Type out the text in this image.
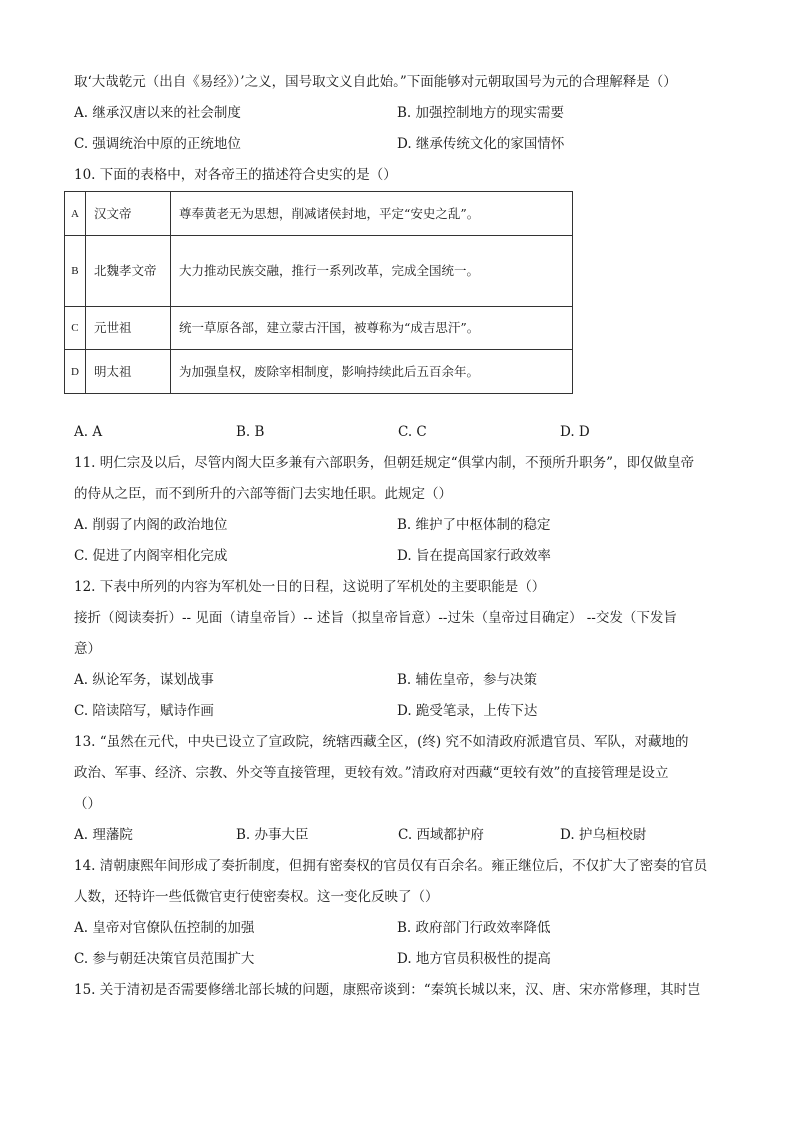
取‘大哉乾元（出自《易经》）’之义，国号取文义自此始。”下面能够对元朝取国号为元的合理解释是（）
A. 继承汉唐以来的社会制度	B. 加强控制地方的现实需要
C. 强调统治中原的正统地位	D. 继承传统文化的家国情怀
10. 下面的表格中，对各帝王的描述符合史实的是（）
A	汉文帝	尊奉黄老无为思想，削减诸侯封地，平定“安史之乱”。
B	北魏孝文帝	大力推动民族交融，推行一系列改革，完成全国统一。
C	元世祖	统一草原各部，建立蒙古汗国，被尊称为“成吉思汗”。
D	明太祖	为加强皇权，废除宰相制度，影响持续此后五百余年。
A. A	B. B	C. C	D. D
11. 明仁宗及以后，尽管内阁大臣多兼有六部职务，但朝廷规定“俱掌内制，不预所升职务”，即仅做皇帝
的侍从之臣，而不到所升的六部等衙门去实地任职。此规定（）
A. 削弱了内阁的政治地位	B. 维护了中枢体制的稳定
C. 促进了内阁宰相化完成	D. 旨在提高国家行政效率
12. 下表中所列的内容为军机处一日的日程，这说明了军机处的主要职能是（）
接折（阅读奏折）-- 见面（请皇帝旨）-- 述旨（拟皇帝旨意）--过朱（皇帝过目确定） --交发（下发旨
意）
A. 纵论军务，谋划战事	B. 辅佐皇帝，参与决策
C. 陪读陪写，赋诗作画	D. 跪受笔录，上传下达
13. “虽然在元代，中央已设立了宣政院，统辖西藏全区，(终) 究不如清政府派遣官员、军队，对藏地的
政治、军事、经济、宗教、外交等直接管理，更较有效。”清政府对西藏“更较有效”的直接管理是设立
（）
A. 理藩院	B. 办事大臣	C. 西域都护府	D. 护乌桓校尉
14. 清朝康熙年间形成了奏折制度，但拥有密奏权的官员仅有百余名。雍正继位后，不仅扩大了密奏的官员
人数，还特许一些低微官吏行使密奏权。这一变化反映了（）
A. 皇帝对官僚队伍控制的加强	B. 政府部门行政效率降低
C. 参与朝廷决策官员范围扩大	D. 地方官员积极性的提高
15. 关于清初是否需要修缮北部长城的问题，康熙帝谈到：“秦筑长城以来，汉、唐、宋亦常修理，其时岂
